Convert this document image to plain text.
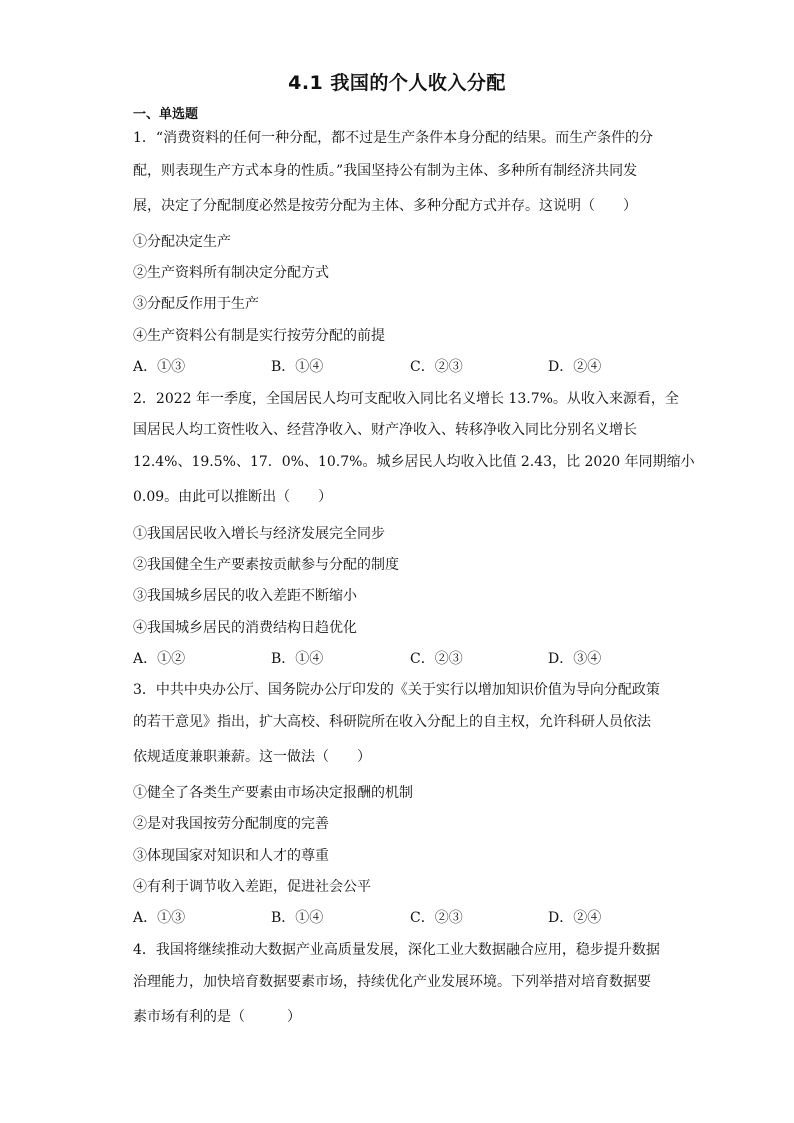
4.1 我国的个人收入分配
一、单选题
1．“消费资料的任何一种分配，都不过是生产条件本身分配的结果。而生产条件的分
配，则表现生产方式本身的性质。”我国坚持公有制为主体、多种所有制经济共同发
展，决定了分配制度必然是按劳分配为主体、多种分配方式并存。这说明（　　）
①分配决定生产
②生产资料所有制决定分配方式
③分配反作用于生产
④生产资料公有制是实行按劳分配的前提
A．①③	B．①④	C．②③	D．②④
2．2022 年一季度，全国居民人均可支配收入同比名义增长 13.7%。从收入来源看，全
国居民人均工资性收入、经营净收入、财产净收入、转移净收入同比分别名义增长
12.4%、19.5%、17．0%、10.7%。城乡居民人均收入比值 2.43，比 2020 年同期缩小
0.09。由此可以推断出（　　）
①我国居民收入增长与经济发展完全同步
②我国健全生产要素按贡献参与分配的制度
③我国城乡居民的收入差距不断缩小
④我国城乡居民的消费结构日趋优化
A．①②	B．①④	C．②③	D．③④
3．中共中央办公厅、国务院办公厅印发的《关于实行以增加知识价值为导向分配政策
的若干意见》指出，扩大高校、科研院所在收入分配上的自主权，允许科研人员依法
依规适度兼职兼薪。这一做法（　　）
①健全了各类生产要素由市场决定报酬的机制
②是对我国按劳分配制度的完善
③体现国家对知识和人才的尊重
④有利于调节收入差距，促进社会公平
A．①③	B．①④	C．②③	D．②④
4．我国将继续推动大数据产业高质量发展，深化工业大数据融合应用，稳步提升数据
治理能力，加快培育数据要素市场，持续优化产业发展环境。下列举措对培育数据要
素市场有利的是（　　　）
